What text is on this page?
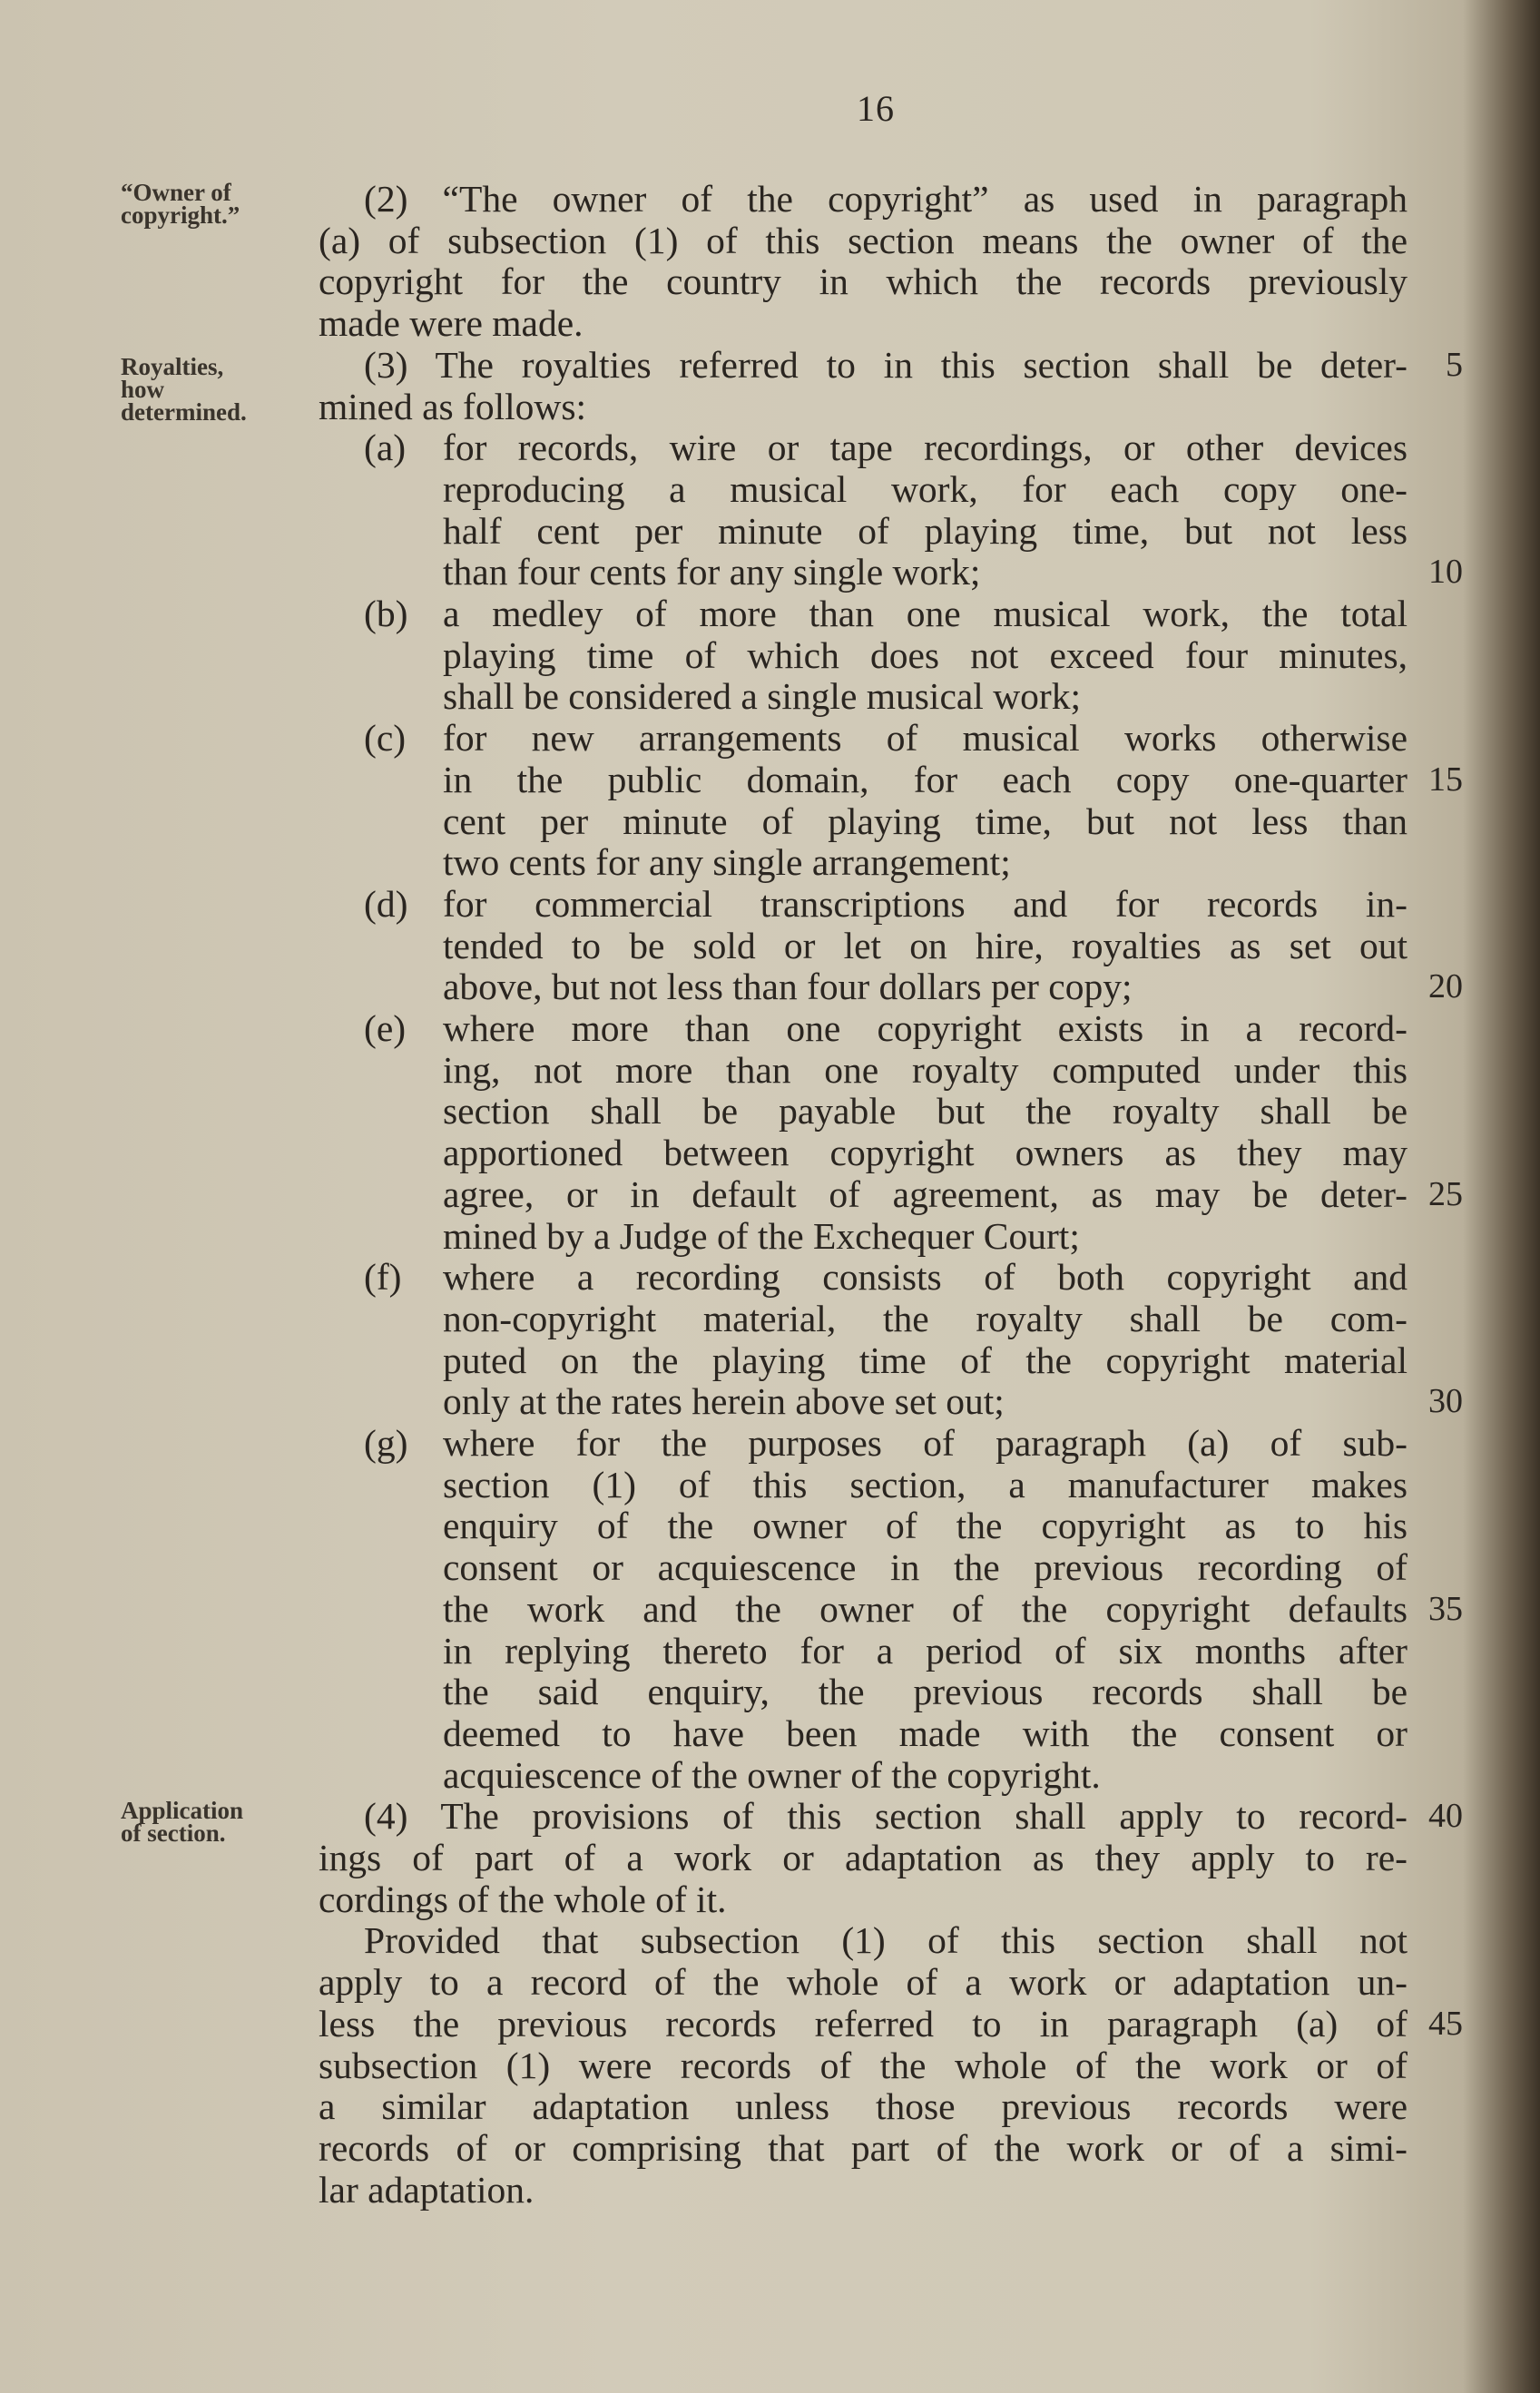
16
“Owner of
copyright.”
Royalties,
how
determined.
Application
of section.
(2) “The owner of the copyright” as used in paragraph
(a) of subsection (1) of this section means the owner of the
copyright for the country in which the records previously
made were made.
(3) The royalties referred to in this section shall be deter-
mined as follows:
(a) for records, wire or tape recordings, or other devices
reproducing a musical work, for each copy one-
half cent per minute of playing time, but not less
than four cents for any single work;
(b) a medley of more than one musical work, the total
playing time of which does not exceed four minutes,
shall be considered a single musical work;
(c) for new arrangements of musical works otherwise
in the public domain, for each copy one-quarter
cent per minute of playing time, but not less than
two cents for any single arrangement;
(d) for commercial transcriptions and for records in-
tended to be sold or let on hire, royalties as set out
above, but not less than four dollars per copy;
(e) where more than one copyright exists in a record-
ing, not more than one royalty computed under this
section shall be payable but the royalty shall be
apportioned between copyright owners as they may
agree, or in default of agreement, as may be deter-
mined by a Judge of the Exchequer Court;
(f) where a recording consists of both copyright and
non-copyright material, the royalty shall be com-
puted on the playing time of the copyright material
only at the rates herein above set out;
(g) where for the purposes of paragraph (a) of sub-
section (1) of this section, a manufacturer makes
enquiry of the owner of the copyright as to his
consent or acquiescence in the previous recording of
the work and the owner of the copyright defaults
in replying thereto for a period of six months after
the said enquiry, the previous records shall be
deemed to have been made with the consent or
acquiescence of the owner of the copyright.
(4) The provisions of this section shall apply to record-
ings of part of a work or adaptation as they apply to re-
cordings of the whole of it.
Provided that subsection (1) of this section shall not
apply to a record of the whole of a work or adaptation un-
less the previous records referred to in paragraph (a) of
subsection (1) were records of the whole of the work or of
a similar adaptation unless those previous records were
records of or comprising that part of the work or of a simi-
lar adaptation.
5
10
15
20
25
30
35
40
45
